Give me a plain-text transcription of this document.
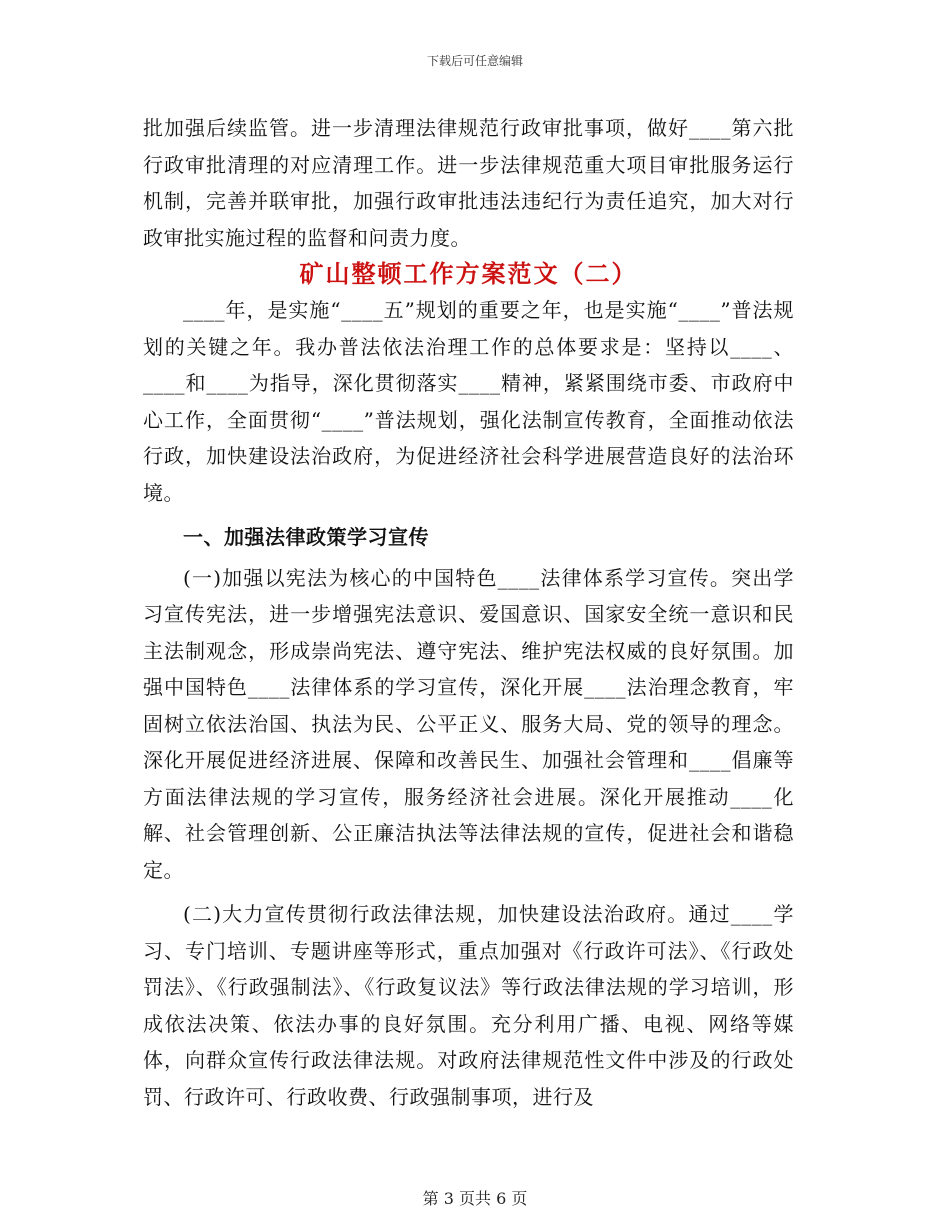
下载后可任意编辑

批加强后续监管。进一步清理法律规范行政审批事项，做好____第六批行政审批清理的对应清理工作。进一步法律规范重大项目审批服务运行机制，完善并联审批，加强行政审批违法违纪行为责任追究，加大对行政审批实施过程的监督和问责力度。

矿山整顿工作方案范文（二）

____年，是实施“____五”规划的重要之年，也是实施“____”普法规划的关键之年。我办普法依法治理工作的总体要求是：坚持以____、____和____为指导，深化贯彻落实____精神，紧紧围绕市委、市政府中心工作，全面贯彻“____”普法规划，强化法制宣传教育，全面推动依法行政，加快建设法治政府，为促进经济社会科学进展营造良好的法治环境。

一、加强法律政策学习宣传

(一)加强以宪法为核心的中国特色____法律体系学习宣传。突出学习宣传宪法，进一步增强宪法意识、爱国意识、国家安全统一意识和民主法制观念，形成崇尚宪法、遵守宪法、维护宪法权威的良好氛围。加强中国特色____法律体系的学习宣传，深化开展____法治理念教育，牢固树立依法治国、执法为民、公平正义、服务大局、党的领导的理念。深化开展促进经济进展、保障和改善民生、加强社会管理和____倡廉等方面法律法规的学习宣传，服务经济社会进展。深化开展推动____化解、社会管理创新、公正廉洁执法等法律法规的宣传，促进社会和谐稳定。

(二)大力宣传贯彻行政法律法规，加快建设法治政府。通过____学习、专门培训、专题讲座等形式，重点加强对《行政许可法》、《行政处罚法》、《行政强制法》、《行政复议法》等行政法律法规的学习培训，形成依法决策、依法办事的良好氛围。充分利用广播、电视、网络等媒体，向群众宣传行政法律法规。对政府法律规范性文件中涉及的行政处罚、行政许可、行政收费、行政强制事项，进行及

第 3 页共 6 页
